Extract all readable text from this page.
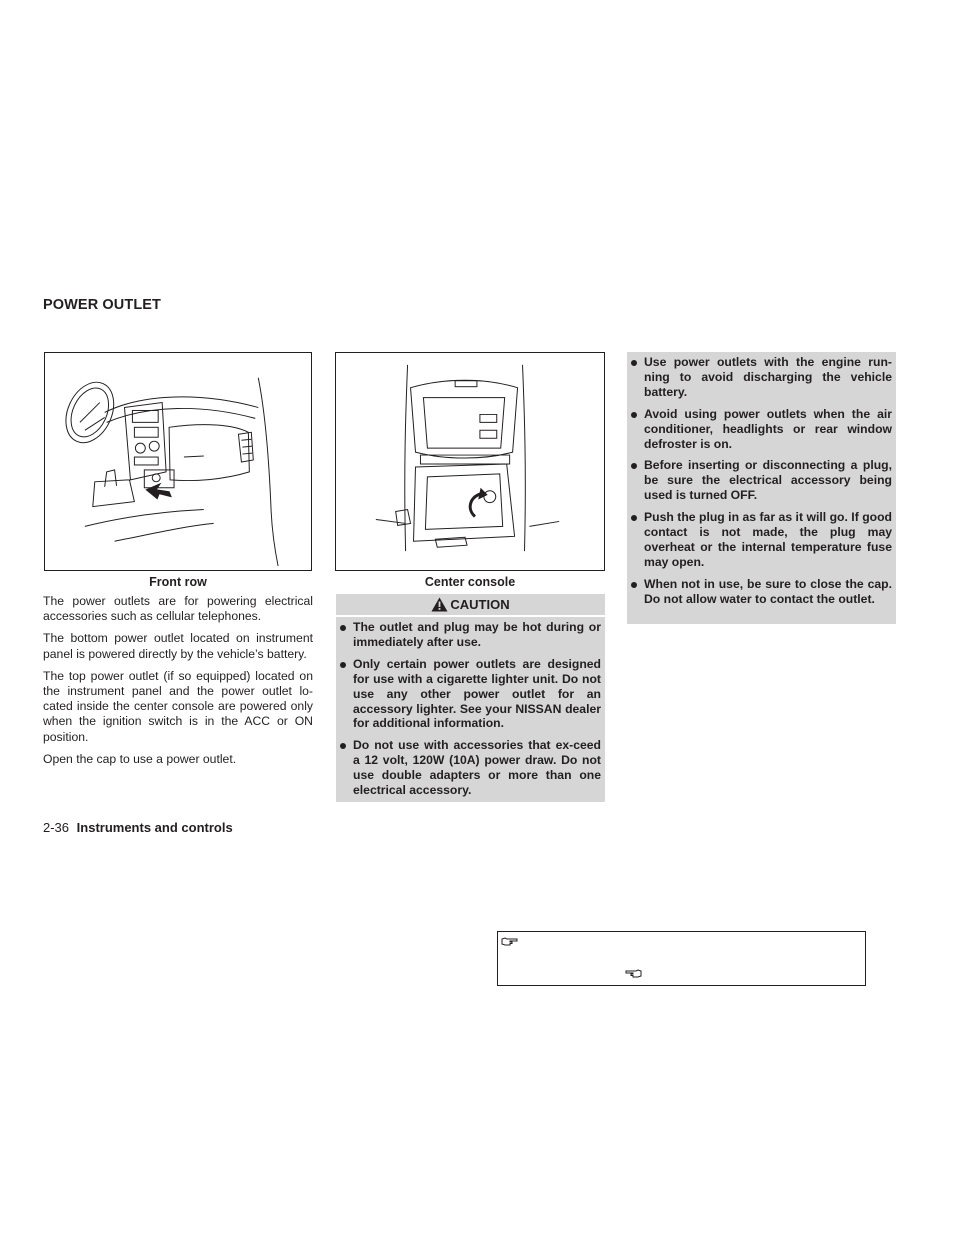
POWER OUTLET
Front row	Center console

The power outlets are for powering electrical accessories such as cellular telephones.

The bottom power outlet located on instrument panel is powered directly by the vehicle’s battery.

The top power outlet (if so equipped) located on the instrument panel and the power outlet lo-cated inside the center console are powered only when the ignition switch is in the ACC or ON position.

Open the cap to use a power outlet.

CAUTION
The outlet and plug may be hot during or immediately after use.
Only certain power outlets are designed for use with a cigarette lighter unit. Do not use any other power outlet for an accessory lighter. See your NISSAN dealer for additional information.
Do not use with accessories that ex-ceed a 12 volt, 120W (10A) power draw. Do not use double adapters or more than one electrical accessory.
Use power outlets with the engine run-ning to avoid discharging the vehicle battery.
Avoid using power outlets when the air conditioner, headlights or rear window defroster is on.
Before inserting or disconnecting a plug, be sure the electrical accessory being used is turned OFF.
Push the plug in as far as it will go. If good contact is not made, the plug may overheat or the internal temperature fuse may open.
When not in use, be sure to close the cap. Do not allow water to contact the outlet.
2-36 Instruments and controls
